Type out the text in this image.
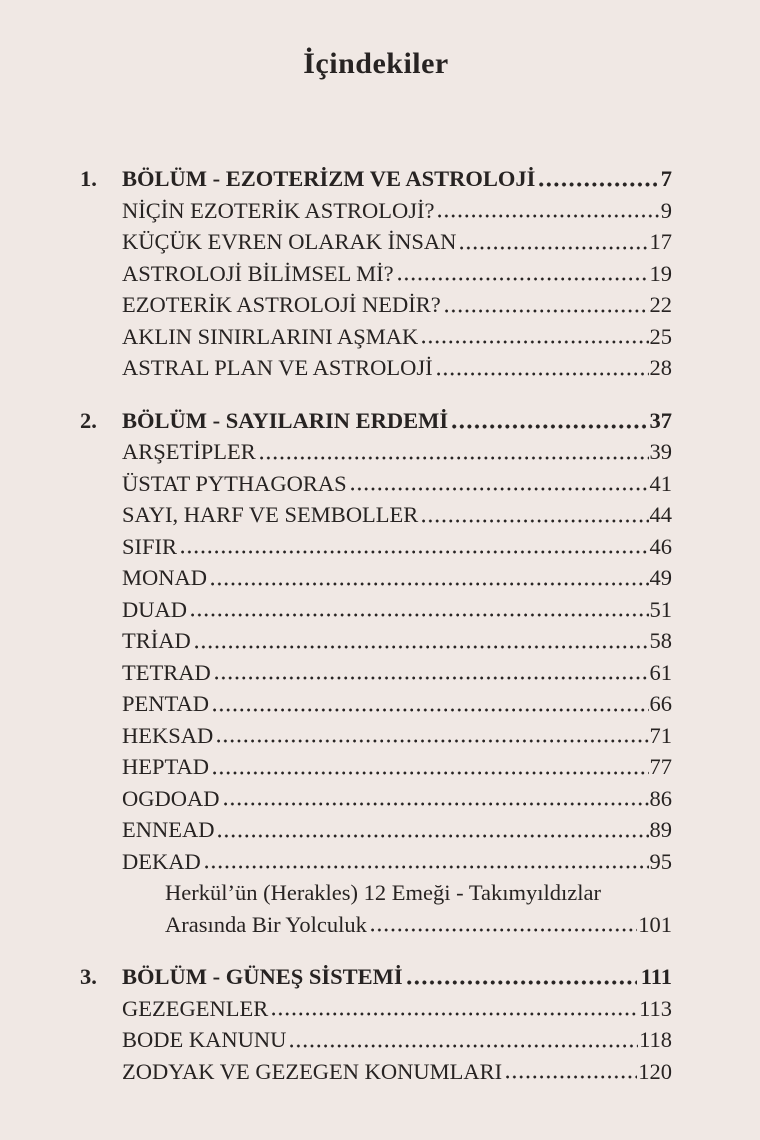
İçindekiler
1.	BÖLÜM - EZOTERİZM VE ASTROLOJİ	7
NİÇİN EZOTERİK ASTROLOJİ?	9
KÜÇÜK EVREN OLARAK İNSAN	17
ASTROLOJİ BİLİMSEL Mİ?	19
EZOTERİK ASTROLOJİ NEDİR?	22
AKLIN SINIRLARINI AŞMAK	25
ASTRAL PLAN VE ASTROLOJİ	28
2.	BÖLÜM - SAYILARIN ERDEMİ	37
ARŞETİPLER	39
ÜSTAT PYTHAGORAS	41
SAYI, HARF VE SEMBOLLER	44
SIFIR	46
MONAD	49
DUAD	51
TRİAD	58
TETRAD	61
PENTAD	66
HEKSAD	71
HEPTAD	77
OGDOAD	86
ENNEAD	89
DEKAD	95
Herkül’ün (Herakles) 12 Emeği - Takımyıldızlar
Arasında Bir Yolculuk	101
3.	BÖLÜM - GÜNEŞ SİSTEMİ	111
GEZEGENLER	113
BODE KANUNU	118
ZODYAK VE GEZEGEN KONUMLARI	120
